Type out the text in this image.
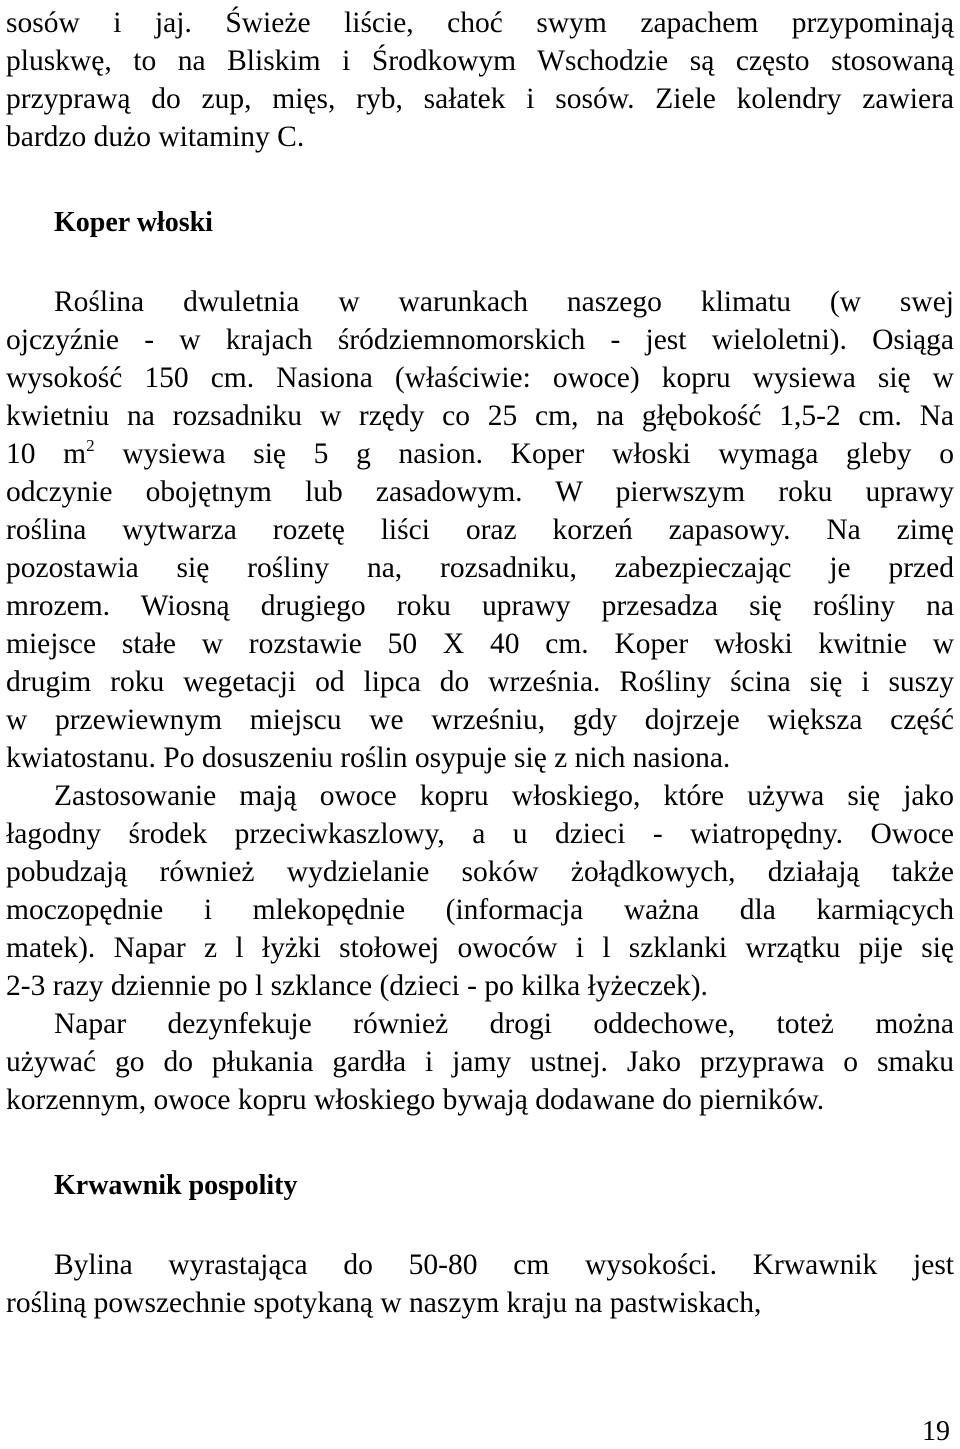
sosów i jaj. Świeże liście, choć swym zapachem przypominają
pluskwę, to na Bliskim i Środkowym Wschodzie są często stosowaną
przyprawą do zup, mięs, ryb, sałatek i sosów. Ziele kolendry zawiera
bardzo dużo witaminy C.
Koper włoski
Roślina dwuletnia w warunkach naszego klimatu (w swej
ojczyźnie - w krajach śródziemnomorskich - jest wieloletni). Osiąga
wysokość 150 cm. Nasiona (właściwie: owoce) kopru wysiewa się w
kwietniu na rozsadniku w rzędy co 25 cm, na głębokość 1,5-2 cm. Na
10 $m^2$ wysiewa się 5 g nasion. Koper włoski wymaga gleby o
odczynie obojętnym lub zasadowym. W pierwszym roku uprawy
roślina wytwarza rozetę liści oraz korzeń zapasowy. Na zimę
pozostawia się rośliny na, rozsadniku, zabezpieczając je przed
mrozem. Wiosną drugiego roku uprawy przesadza się rośliny na
miejsce stałe w rozstawie 50 X 40 cm. Koper włoski kwitnie w
drugim roku wegetacji od lipca do września. Rośliny ścina się i suszy
w przewiewnym miejscu we wrześniu, gdy dojrzeje większa część
kwiatostanu. Po dosuszeniu roślin osypuje się z nich nasiona.
Zastosowanie mają owoce kopru włoskiego, które używa się jako
łagodny środek przeciwkaszlowy, a u dzieci - wiatropędny. Owoce
pobudzają również wydzielanie soków żołądkowych, działają także
moczopędnie i mlekopędnie (informacja ważna dla karmiących
matek). Napar z l łyżki stołowej owoców i l szklanki wrzątku pije się
2-3 razy dziennie po l szklance (dzieci - po kilka łyżeczek).
Napar dezynfekuje również drogi oddechowe, toteż można
używać go do płukania gardła i jamy ustnej. Jako przyprawa o smaku
korzennym, owoce kopru włoskiego bywają dodawane do pierników.
Krwawnik pospolity
Bylina wyrastająca do 50-80 cm wysokości. Krwawnik jest
rośliną powszechnie spotykaną w naszym kraju na pastwiskach,
19
